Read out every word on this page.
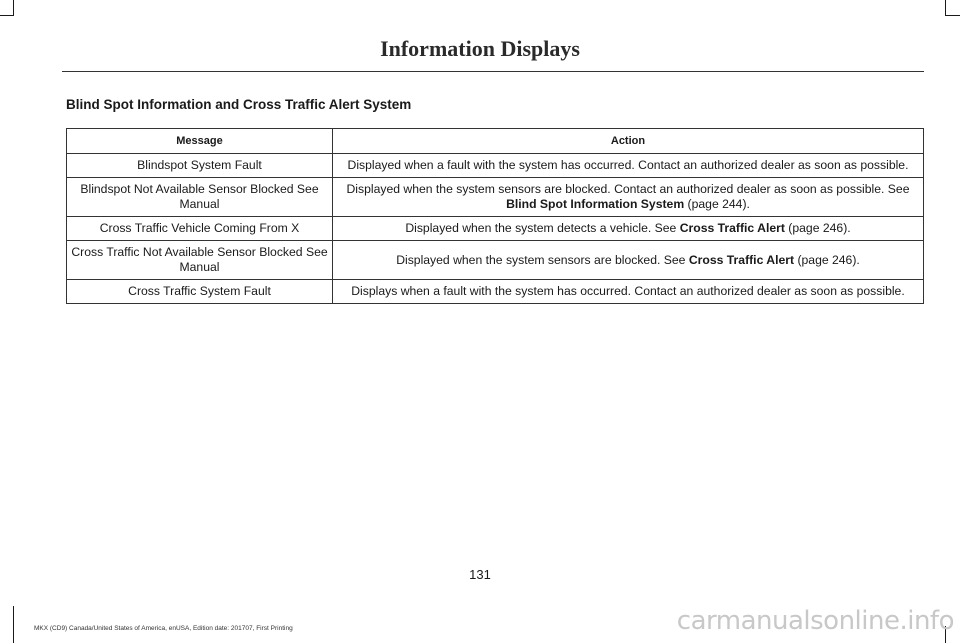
Information Displays
Blind Spot Information and Cross Traffic Alert System
Message	Action
Blindspot System Fault	Displayed when a fault with the system has occurred. Contact an authorized dealer as soon as possible.
Blindspot Not Available Sensor Blocked See Manual	Displayed when the system sensors are blocked. Contact an authorized dealer as soon as possible. See Blind Spot Information System (page 244).
Cross Traffic Vehicle Coming From X	Displayed when the system detects a vehicle. See Cross Traffic Alert (page 246).
Cross Traffic Not Available Sensor Blocked See Manual	Displayed when the system sensors are blocked. See Cross Traffic Alert (page 246).
Cross Traffic System Fault	Displays when a fault with the system has occurred. Contact an authorized dealer as soon as possible.
131
MKX (CD9) Canada/United States of America, enUSA, Edition date: 201707, First Printing	carmanualsonline.info
